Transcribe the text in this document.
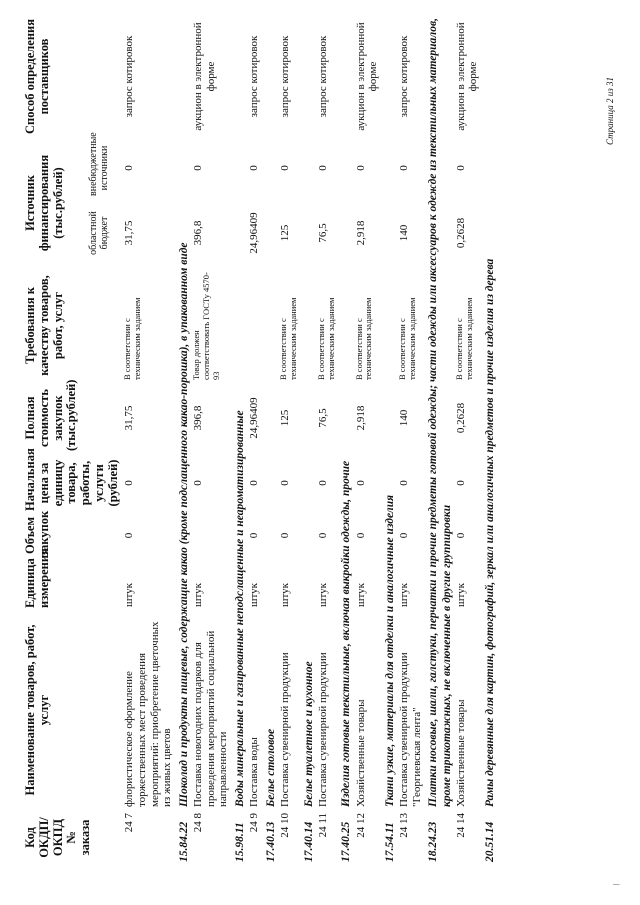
Код ОКДП/ ОКПД № заказа	Наименование товаров, работ, услуг	Единица измерения	Объем закупок	Начальная цена за единицу товара, работы, услуги (рублей)	Полная стоимость закупок (тыс.рублей)	Требования к качеству товаров, работ, услуг	Источник финансирования (тыс.рублей)		Способ определения поставщиков
							областной бюджет	внебюджетные источники	
24 7	флористическое оформление торжественных мест проведения мероприятий: приобретение цветочных из живых цветов	штук	0	0	31,75	В соответствии с техническим заданием	31,75	0	запрос котировок
15.84.22	Шоколад и продукты пищевые, содержащие какао (кроме подслащенного какао-порошка), в упакованном виде								
24 8	Поставка новогодних подарков для проведения мероприятий социальной направленности	штук		0	396,8	Товар должен соответствовать ГОСТу 4570-93	396,8	0	аукцион в электронной форме
15.98.11	Воды минеральные и газированные неподслащенные и неароматизированные								
24 9	Поставка воды	штук	0	0	24,96409		24,96409	0	запрос котировок
17.40.13	Белье столовое								
24 10	Поставка сувенирной продукции	штук	0	0	125	В соответствии с техническим заданием	125	0	запрос котировок
17.40.14	Белье туалетное и кухонное								
24 11	Поставка сувенирной продукции	штук	0	0	76,5	В соответствии с техническим заданием	76,5	0	запрос котировок
17.40.25	Изделия готовые текстильные, включая выкройки одежды, прочие								
24 12	Хозяйственные товары	штук	0	0	2,918	В соответствии с техническим заданием	2,918	0	аукцион в электронной форме
17.54.11	Ткани узкие, материалы для отделки и аналогичные изделия								
24 13	Поставка сувенирной продукции "Георгиевская лента"	штук	0	0	140	В соответствии с техническим заданием	140	0	запрос котировок
18.24.23	Платки носовые, шали, галстуки, перчатки и прочие предметы готовой одежды; части одежды или аксессуаров к одежде из текстильных материалов, кроме трикотажных, не включенные в другие группировки								
24 14	Хозяйственные товары	штук	0	0	0,2628	В соответствии с техническим заданием	0,2628	0	аукцион в электронной форме
20.51.14	Рамы деревянные для картин, фотографий, зеркал или аналогичных предметов и прочие изделия из дерева								
Страница 2 из 31
|
